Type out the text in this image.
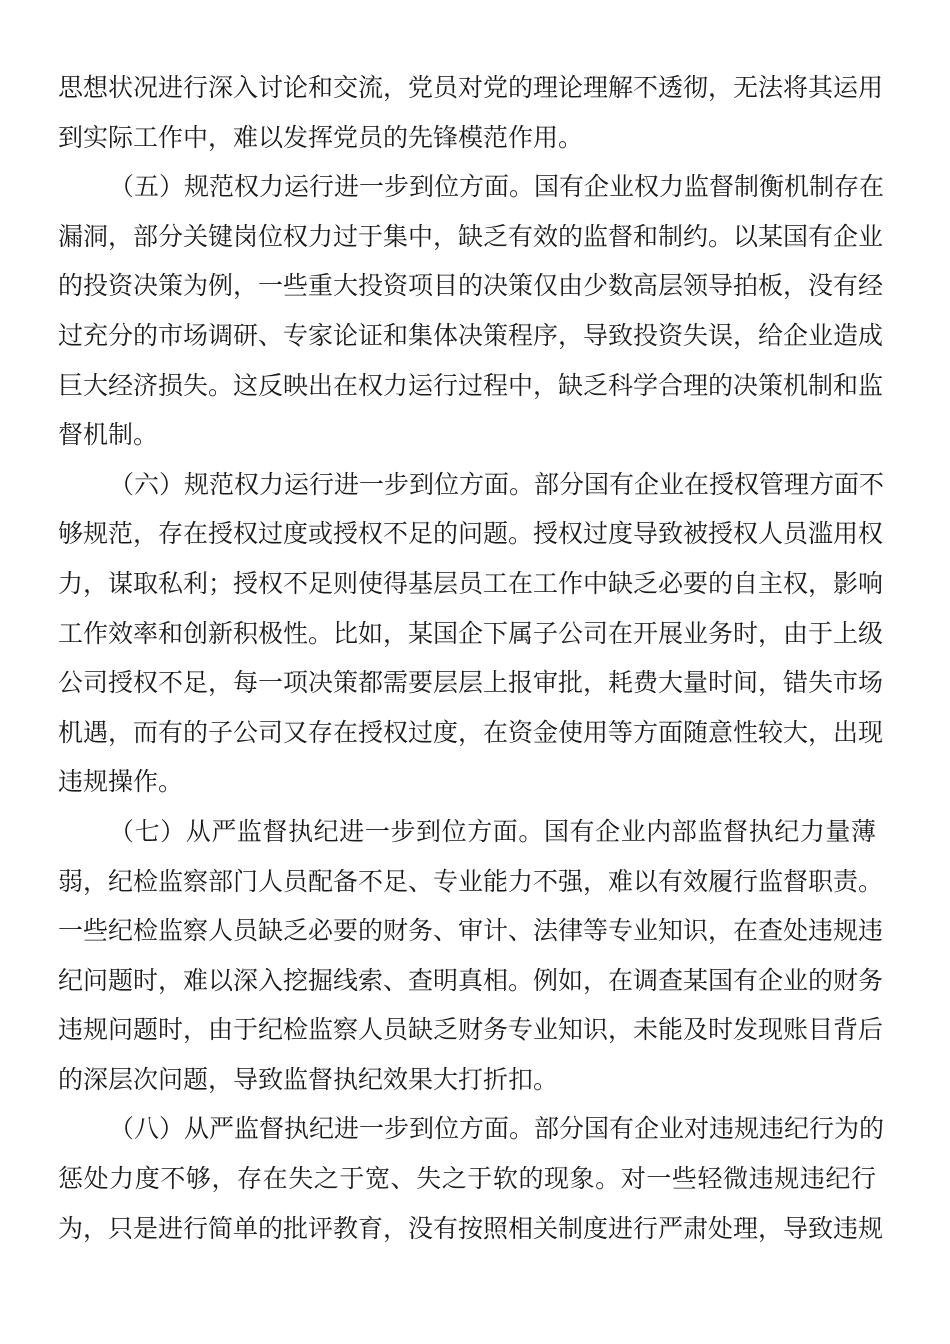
思想状况进行深入讨论和交流，党员对党的理论理解不透彻，无法将其运用
到实际工作中，难以发挥党员的先锋模范作用。
（五）规范权力运行进一步到位方面。国有企业权力监督制衡机制存在
漏洞，部分关键岗位权力过于集中，缺乏有效的监督和制约。以某国有企业
的投资决策为例，一些重大投资项目的决策仅由少数高层领导拍板，没有经
过充分的市场调研、专家论证和集体决策程序，导致投资失误，给企业造成
巨大经济损失。这反映出在权力运行过程中，缺乏科学合理的决策机制和监
督机制。
（六）规范权力运行进一步到位方面。部分国有企业在授权管理方面不
够规范，存在授权过度或授权不足的问题。授权过度导致被授权人员滥用权
力，谋取私利；授权不足则使得基层员工在工作中缺乏必要的自主权，影响
工作效率和创新积极性。比如，某国企下属子公司在开展业务时，由于上级
公司授权不足，每一项决策都需要层层上报审批，耗费大量时间，错失市场
机遇，而有的子公司又存在授权过度，在资金使用等方面随意性较大，出现
违规操作。
（七）从严监督执纪进一步到位方面。国有企业内部监督执纪力量薄
弱，纪检监察部门人员配备不足、专业能力不强，难以有效履行监督职责。
一些纪检监察人员缺乏必要的财务、审计、法律等专业知识，在查处违规违
纪问题时，难以深入挖掘线索、查明真相。例如，在调查某国有企业的财务
违规问题时，由于纪检监察人员缺乏财务专业知识，未能及时发现账目背后
的深层次问题，导致监督执纪效果大打折扣。
（八）从严监督执纪进一步到位方面。部分国有企业对违规违纪行为的
惩处力度不够，存在失之于宽、失之于软的现象。对一些轻微违规违纪行
为，只是进行简单的批评教育，没有按照相关制度进行严肃处理，导致违规
